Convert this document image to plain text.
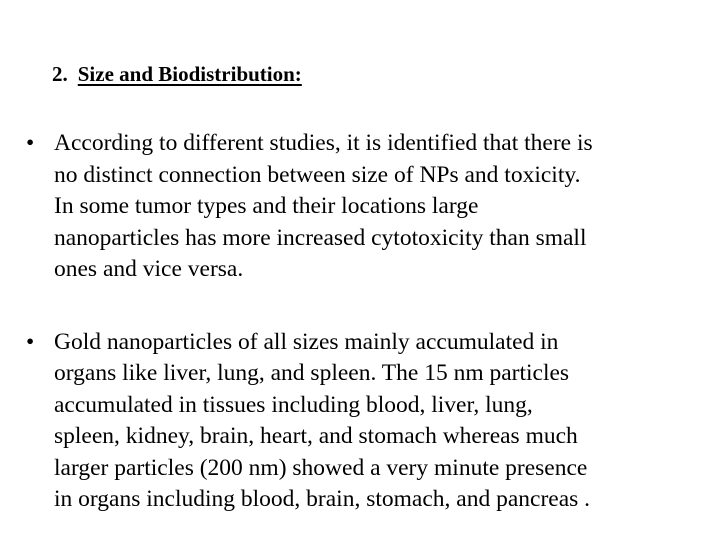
2. Size and Biodistribution:
• According to different studies, it is identified that there is
no distinct connection between size of NPs and toxicity.
In some tumor types and their locations large
nanoparticles has more increased cytotoxicity than small
ones and vice versa.
• Gold nanoparticles of all sizes mainly accumulated in
organs like liver, lung, and spleen. The 15 nm particles
accumulated in tissues including blood, liver, lung,
spleen, kidney, brain, heart, and stomach whereas much
larger particles (200 nm) showed a very minute presence
in organs including blood, brain, stomach, and pancreas .
